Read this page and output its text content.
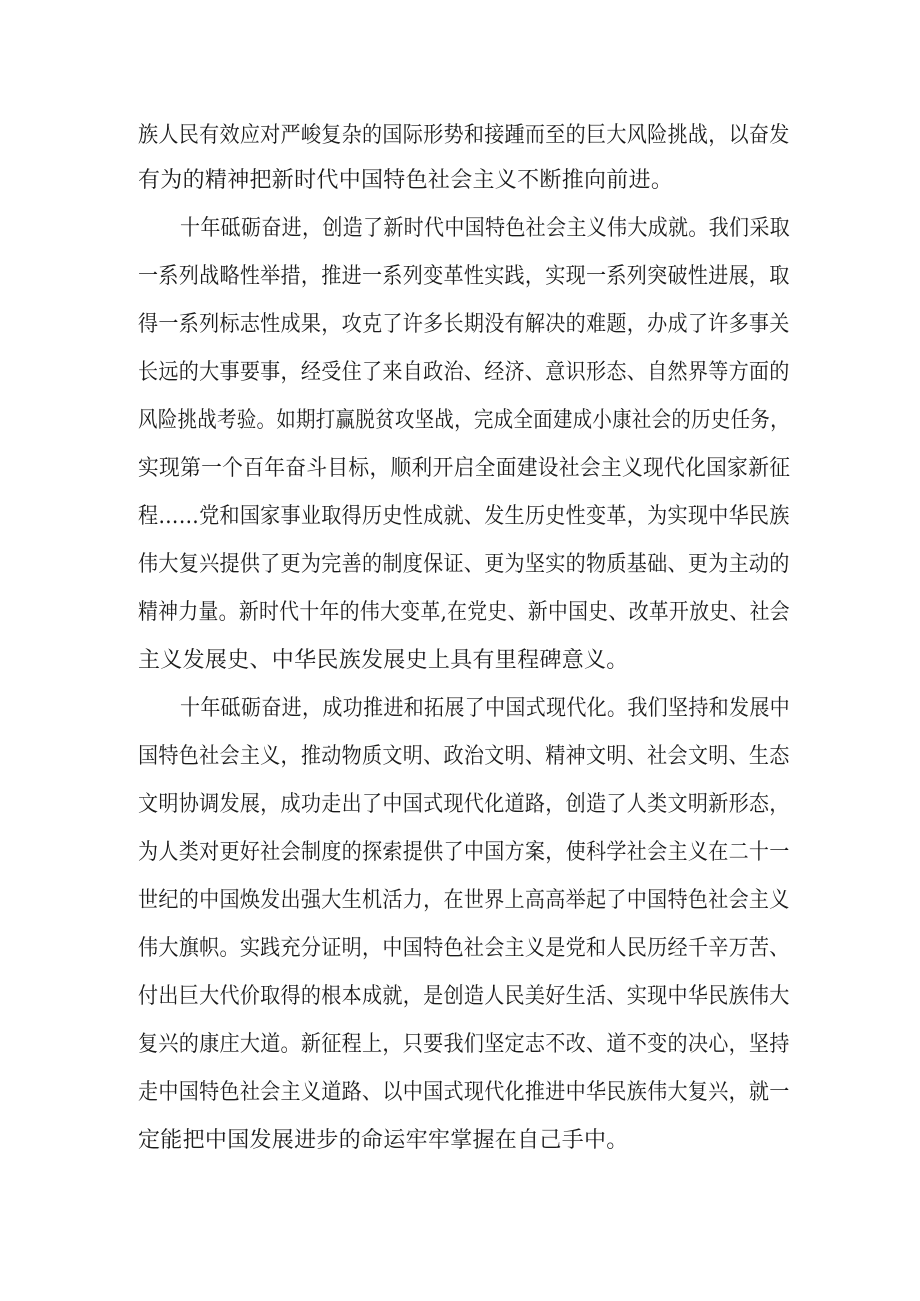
族人民有效应对严峻复杂的国际形势和接踵而至的巨大风险挑战，以奋发
有为的精神把新时代中国特色社会主义不断推向前进。
十年砥砺奋进，创造了新时代中国特色社会主义伟大成就。我们采取
一系列战略性举措，推进一系列变革性实践，实现一系列突破性进展，取
得一系列标志性成果，攻克了许多长期没有解决的难题，办成了许多事关
长远的大事要事，经受住了来自政治、经济、意识形态、自然界等方面的
风险挑战考验。如期打赢脱贫攻坚战，完成全面建成小康社会的历史任务，
实现第一个百年奋斗目标，顺利开启全面建设社会主义现代化国家新征
程……党和国家事业取得历史性成就、发生历史性变革，为实现中华民族
伟大复兴提供了更为完善的制度保证、更为坚实的物质基础、更为主动的
精神力量。新时代十年的伟大变革,在党史、新中国史、改革开放史、社会
主义发展史、中华民族发展史上具有里程碑意义。
十年砥砺奋进，成功推进和拓展了中国式现代化。我们坚持和发展中
国特色社会主义，推动物质文明、政治文明、精神文明、社会文明、生态
文明协调发展，成功走出了中国式现代化道路，创造了人类文明新形态，
为人类对更好社会制度的探索提供了中国方案，使科学社会主义在二十一
世纪的中国焕发出强大生机活力，在世界上高高举起了中国特色社会主义
伟大旗帜。实践充分证明，中国特色社会主义是党和人民历经千辛万苦、
付出巨大代价取得的根本成就，是创造人民美好生活、实现中华民族伟大
复兴的康庄大道。新征程上，只要我们坚定志不改、道不变的决心，坚持
走中国特色社会主义道路、以中国式现代化推进中华民族伟大复兴，就一
定能把中国发展进步的命运牢牢掌握在自己手中。
